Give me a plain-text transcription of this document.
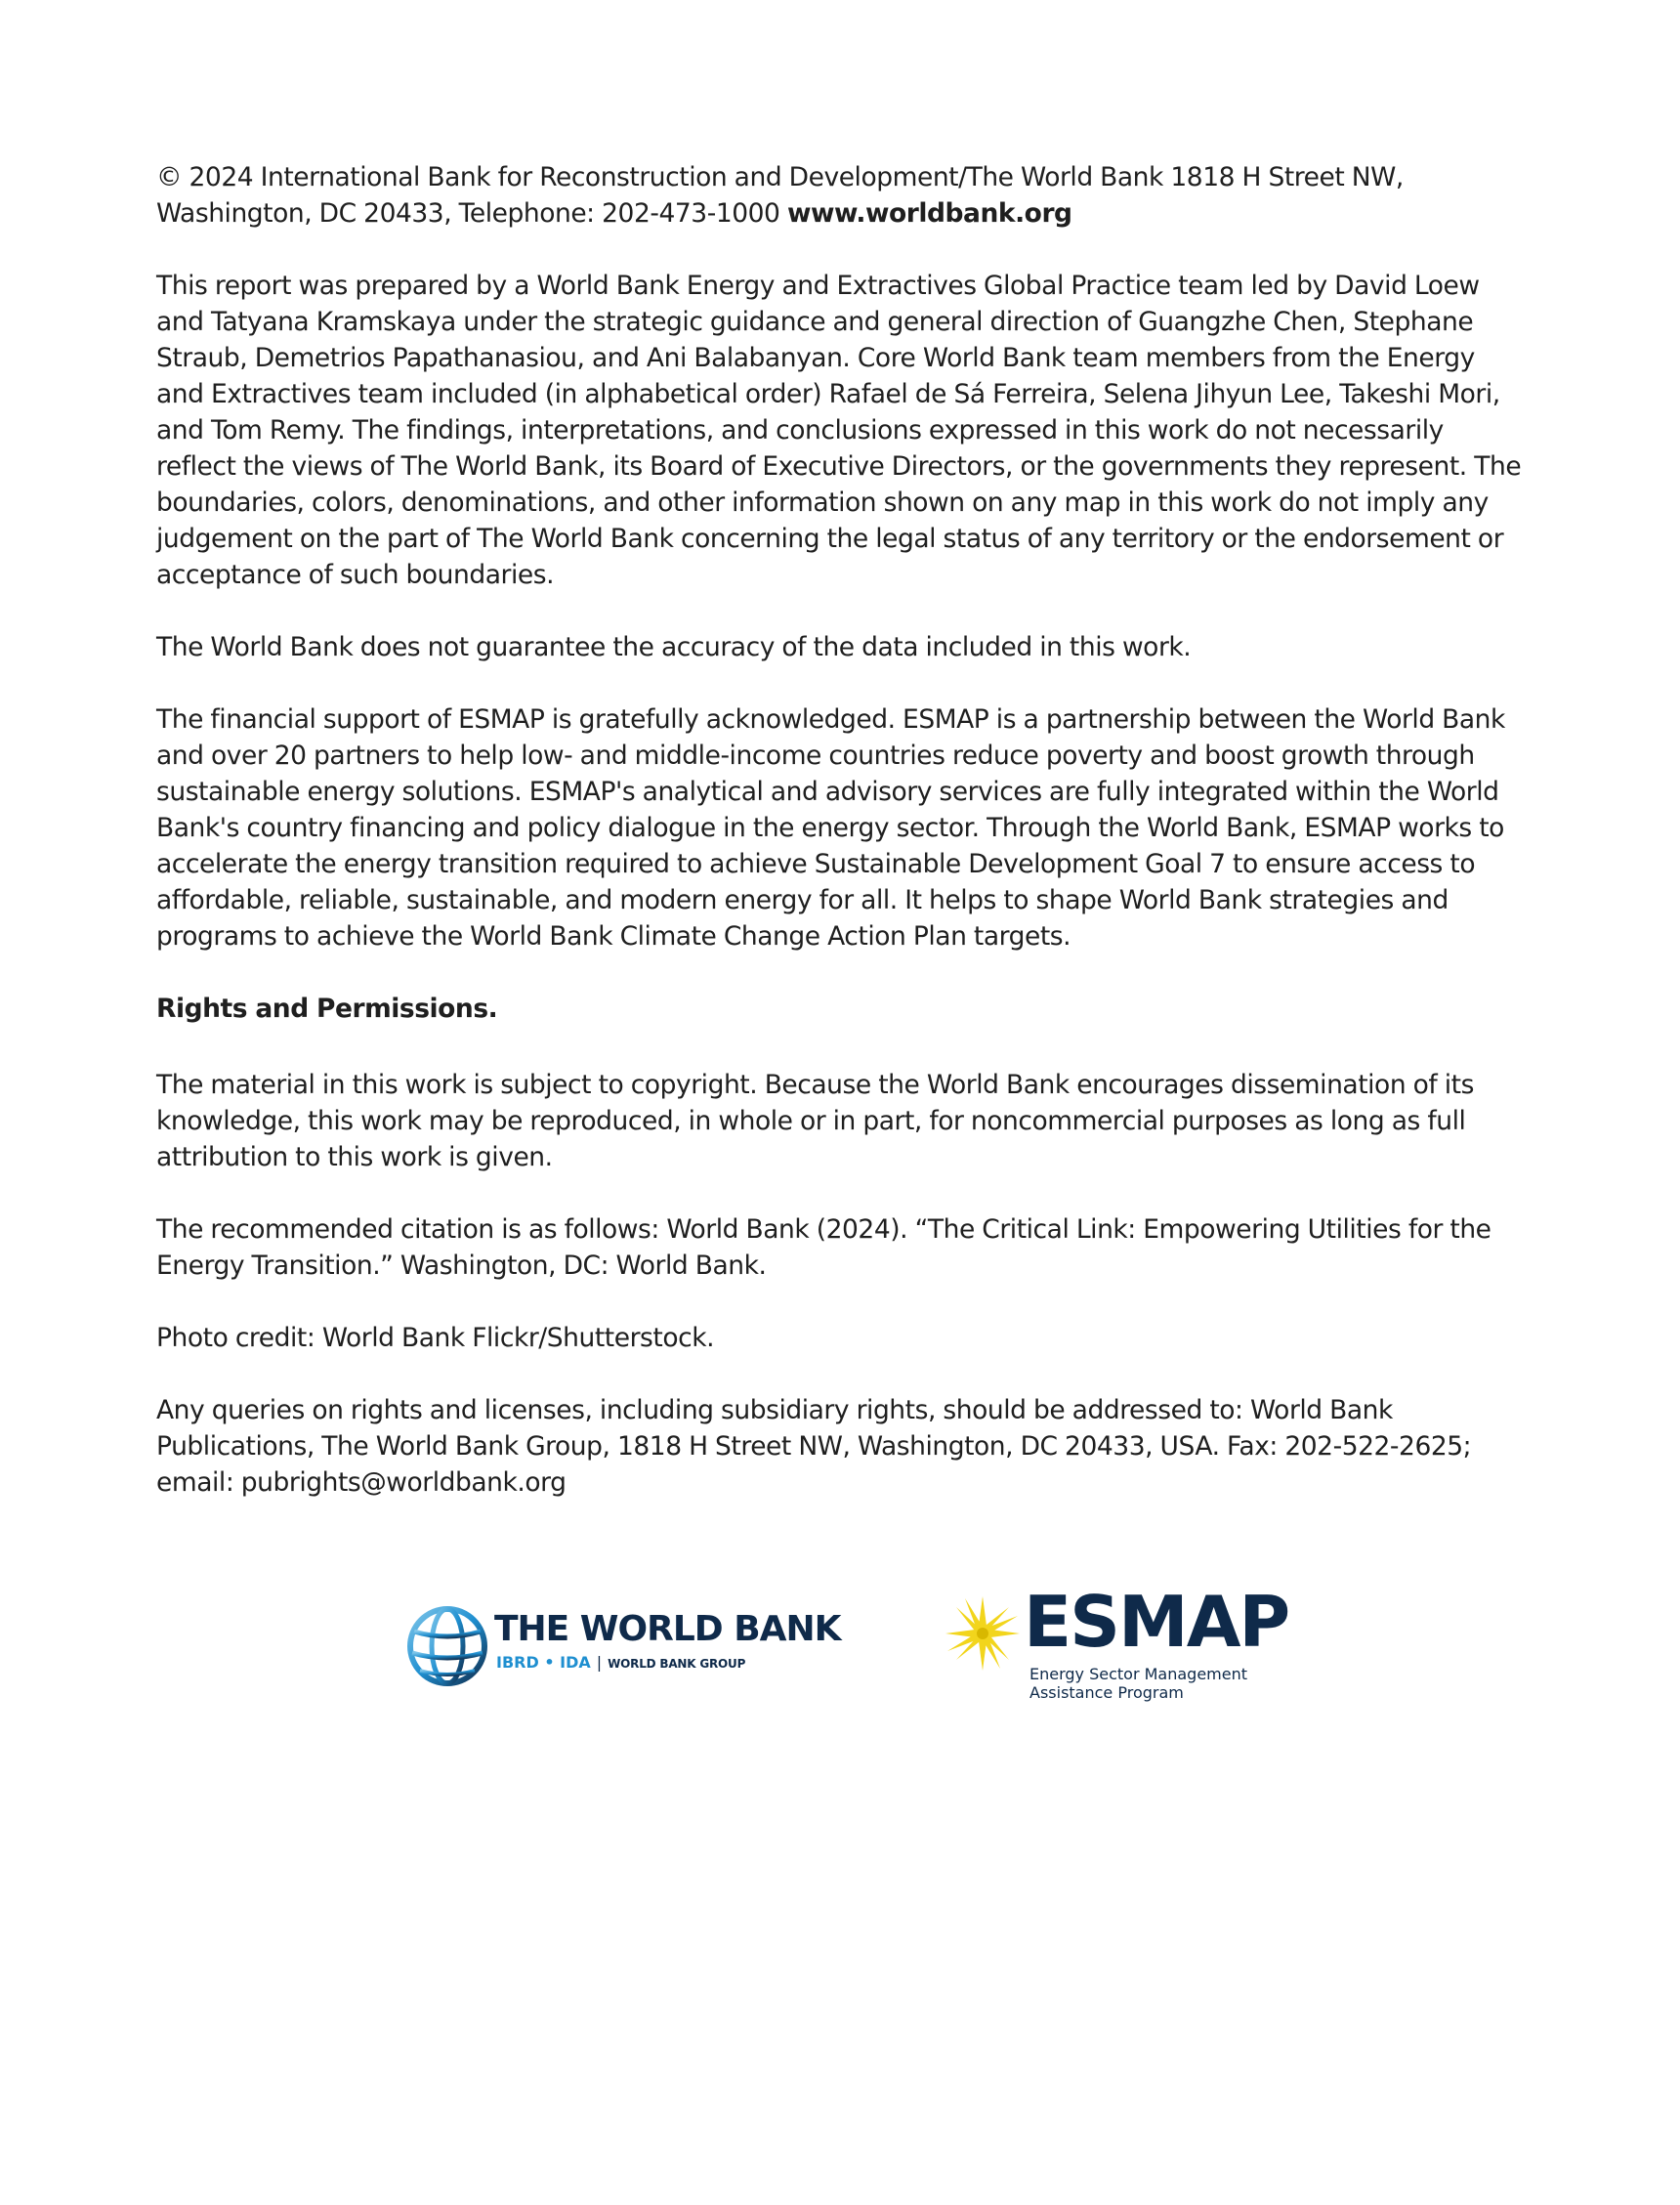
© 2024 International Bank for Reconstruction and Development/The World Bank 1818 H Street NW, Washington, DC 20433, Telephone: 202-473-1000 www.worldbank.org

This report was prepared by a World Bank Energy and Extractives Global Practice team led by David Loew and Tatyana Kramskaya under the strategic guidance and general direction of Guangzhe Chen, Stephane Straub, Demetrios Papathanasiou, and Ani Balabanyan. Core World Bank team members from the Energy and Extractives team included (in alphabetical order) Rafael de Sá Ferreira, Selena Jihyun Lee, Takeshi Mori, and Tom Remy. The findings, interpretations, and conclusions expressed in this work do not necessarily reflect the views of The World Bank, its Board of Executive Directors, or the governments they represent. The boundaries, colors, denominations, and other information shown on any map in this work do not imply any judgement on the part of The World Bank concerning the legal status of any territory or the endorsement or acceptance of such boundaries.

The World Bank does not guarantee the accuracy of the data included in this work.

The financial support of ESMAP is gratefully acknowledged. ESMAP is a partnership between the World Bank and over 20 partners to help low- and middle-income countries reduce poverty and boost growth through sustainable energy solutions. ESMAP's analytical and advisory services are fully integrated within the World Bank's country financing and policy dialogue in the energy sector. Through the World Bank, ESMAP works to accelerate the energy transition required to achieve Sustainable Development Goal 7 to ensure access to affordable, reliable, sustainable, and modern energy for all. It helps to shape World Bank strategies and programs to achieve the World Bank Climate Change Action Plan targets.

Rights and Permissions.

The material in this work is subject to copyright. Because the World Bank encourages dissemination of its knowledge, this work may be reproduced, in whole or in part, for noncommercial purposes as long as full attribution to this work is given.

The recommended citation is as follows: World Bank (2024). “The Critical Link: Empowering Utilities for the Energy Transition.” Washington, DC: World Bank.

Photo credit: World Bank Flickr/Shutterstock.

Any queries on rights and licenses, including subsidiary rights, should be addressed to: World Bank Publications, The World Bank Group, 1818 H Street NW, Washington, DC 20433, USA. Fax: 202-522-2625; email: pubrights@worldbank.org

THE WORLD BANK
IBRD • IDA | WORLD BANK GROUP
ESMAP
Energy Sector Management
Assistance Program
